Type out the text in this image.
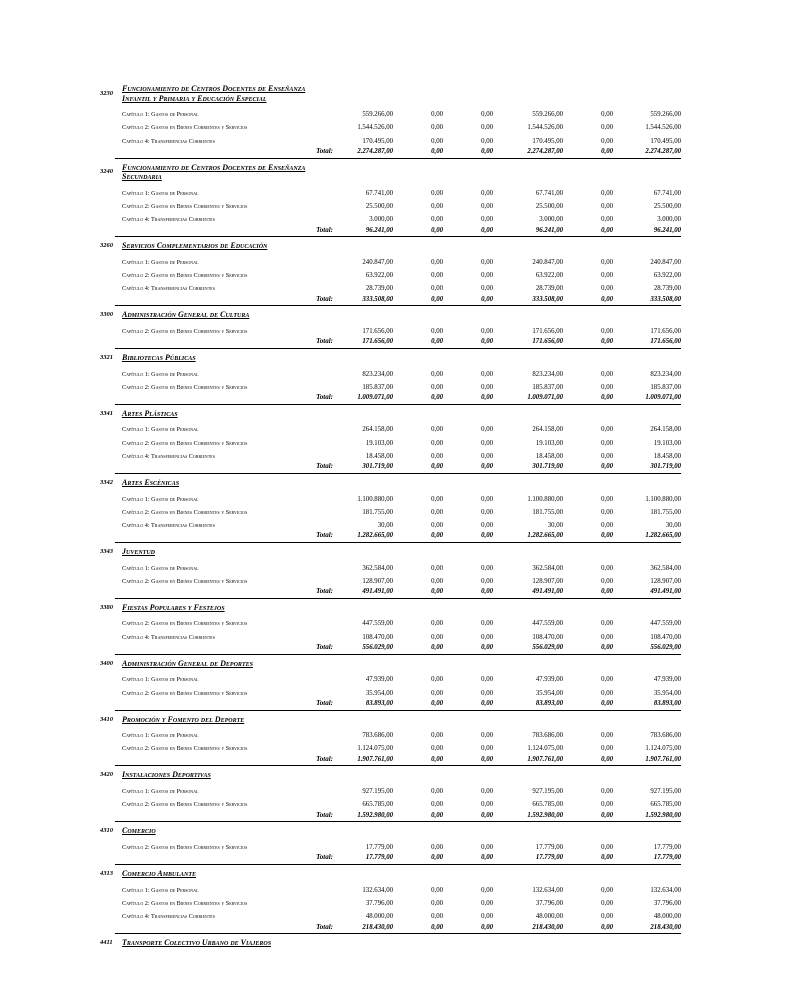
3230
Funcionamiento de Centros Docentes de Enseñanza Infantil y Primaria y Educación Especial
Capítulo 1: Gastos de Personal	559.266,00	0,00	0,00	559.266,00	0,00	559.266,00
Capítulo 2: Gastos en Bienes Corrientes y Servicios	1.544.526,00	0,00	0,00	1.544.526,00	0,00	1.544.526,00
Capítulo 4: Transferencias Corrientes	170.495,00	0,00	0,00	170.495,00	0,00	170.495,00
Total:	2.274.287,00	0,00	0,00	2.274.287,00	0,00	2.274.287,00
3240
Funcionamiento de Centros Docentes de Enseñanza Secundaria
Capítulo 1: Gastos de Personal	67.741,00	0,00	0,00	67.741,00	0,00	67.741,00
Capítulo 2: Gastos en Bienes Corrientes y Servicios	25.500,00	0,00	0,00	25.500,00	0,00	25.500,00
Capítulo 4: Transferencias Corrientes	3.000,00	0,00	0,00	3.000,00	0,00	3.000,00
Total:	96.241,00	0,00	0,00	96.241,00	0,00	96.241,00
3260	Servicios Complementarios de Educación
Capítulo 1: Gastos de Personal	240.847,00	0,00	0,00	240.847,00	0,00	240.847,00
Capítulo 2: Gastos en Bienes Corrientes y Servicios	63.922,00	0,00	0,00	63.922,00	0,00	63.922,00
Capítulo 4: Transferencias Corrientes	28.739,00	0,00	0,00	28.739,00	0,00	28.739,00
Total:	333.508,00	0,00	0,00	333.508,00	0,00	333.508,00
3300	Administración General de Cultura
Capítulo 2: Gastos en Bienes Corrientes y Servicios	171.656,00	0,00	0,00	171.656,00	0,00	171.656,00
Total:	171.656,00	0,00	0,00	171.656,00	0,00	171.656,00
3321	Bibliotecas Públicas
Capítulo 1: Gastos de Personal	823.234,00	0,00	0,00	823.234,00	0,00	823.234,00
Capítulo 2: Gastos en Bienes Corrientes y Servicios	185.837,00	0,00	0,00	185.837,00	0,00	185.837,00
Total:	1.009.071,00	0,00	0,00	1.009.071,00	0,00	1.009.071,00
3341	Artes Plásticas
Capítulo 1: Gastos de Personal	264.158,00	0,00	0,00	264.158,00	0,00	264.158,00
Capítulo 2: Gastos en Bienes Corrientes y Servicios	19.103,00	0,00	0,00	19.103,00	0,00	19.103,00
Capítulo 4: Transferencias Corrientes	18.458,00	0,00	0,00	18.458,00	0,00	18.458,00
Total:	301.719,00	0,00	0,00	301.719,00	0,00	301.719,00
3342	Artes Escénicas
Capítulo 1: Gastos de Personal	1.100.880,00	0,00	0,00	1.100.880,00	0,00	1.100.880,00
Capítulo 2: Gastos en Bienes Corrientes y Servicios	181.755,00	0,00	0,00	181.755,00	0,00	181.755,00
Capítulo 4: Transferencias Corrientes	30,00	0,00	0,00	30,00	0,00	30,00
Total:	1.282.665,00	0,00	0,00	1.282.665,00	0,00	1.282.665,00
3343	Juventud
Capítulo 1: Gastos de Personal	362.584,00	0,00	0,00	362.584,00	0,00	362.584,00
Capítulo 2: Gastos en Bienes Corrientes y Servicios	128.907,00	0,00	0,00	128.907,00	0,00	128.907,00
Total:	491.491,00	0,00	0,00	491.491,00	0,00	491.491,00
3380	Fiestas Populares y Festejos
Capítulo 2: Gastos en Bienes Corrientes y Servicios	447.559,00	0,00	0,00	447.559,00	0,00	447.559,00
Capítulo 4: Transferencias Corrientes	108.470,00	0,00	0,00	108.470,00	0,00	108.470,00
Total:	556.029,00	0,00	0,00	556.029,00	0,00	556.029,00
3400	Administración General de Deportes
Capítulo 1: Gastos de Personal	47.939,00	0,00	0,00	47.939,00	0,00	47.939,00
Capítulo 2: Gastos en Bienes Corrientes y Servicios	35.954,00	0,00	0,00	35.954,00	0,00	35.954,00
Total:	83.893,00	0,00	0,00	83.893,00	0,00	83.893,00
3410	Promoción y Fomento del Deporte
Capítulo 1: Gastos de Personal	783.686,00	0,00	0,00	783.686,00	0,00	783.686,00
Capítulo 2: Gastos en Bienes Corrientes y Servicios	1.124.075,00	0,00	0,00	1.124.075,00	0,00	1.124.075,00
Total:	1.907.761,00	0,00	0,00	1.907.761,00	0,00	1.907.761,00
3420	Instalaciones Deportivas
Capítulo 1: Gastos de Personal	927.195,00	0,00	0,00	927.195,00	0,00	927.195,00
Capítulo 2: Gastos en Bienes Corrientes y Servicios	665.785,00	0,00	0,00	665.785,00	0,00	665.785,00
Total:	1.592.980,00	0,00	0,00	1.592.980,00	0,00	1.592.980,00
4310	Comercio
Capítulo 2: Gastos en Bienes Corrientes y Servicios	17.779,00	0,00	0,00	17.779,00	0,00	17.779,00
Total:	17.779,00	0,00	0,00	17.779,00	0,00	17.779,00
4313	Comercio Ambulante
Capítulo 1: Gastos de Personal	132.634,00	0,00	0,00	132.634,00	0,00	132.634,00
Capítulo 2: Gastos en Bienes Corrientes y Servicios	37.796,00	0,00	0,00	37.796,00	0,00	37.796,00
Capítulo 4: Transferencias Corrientes	48.000,00	0,00	0,00	48.000,00	0,00	48.000,00
Total:	218.430,00	0,00	0,00	218.430,00	0,00	218.430,00
4411	Transporte Colectivo Urbano de Viajeros
